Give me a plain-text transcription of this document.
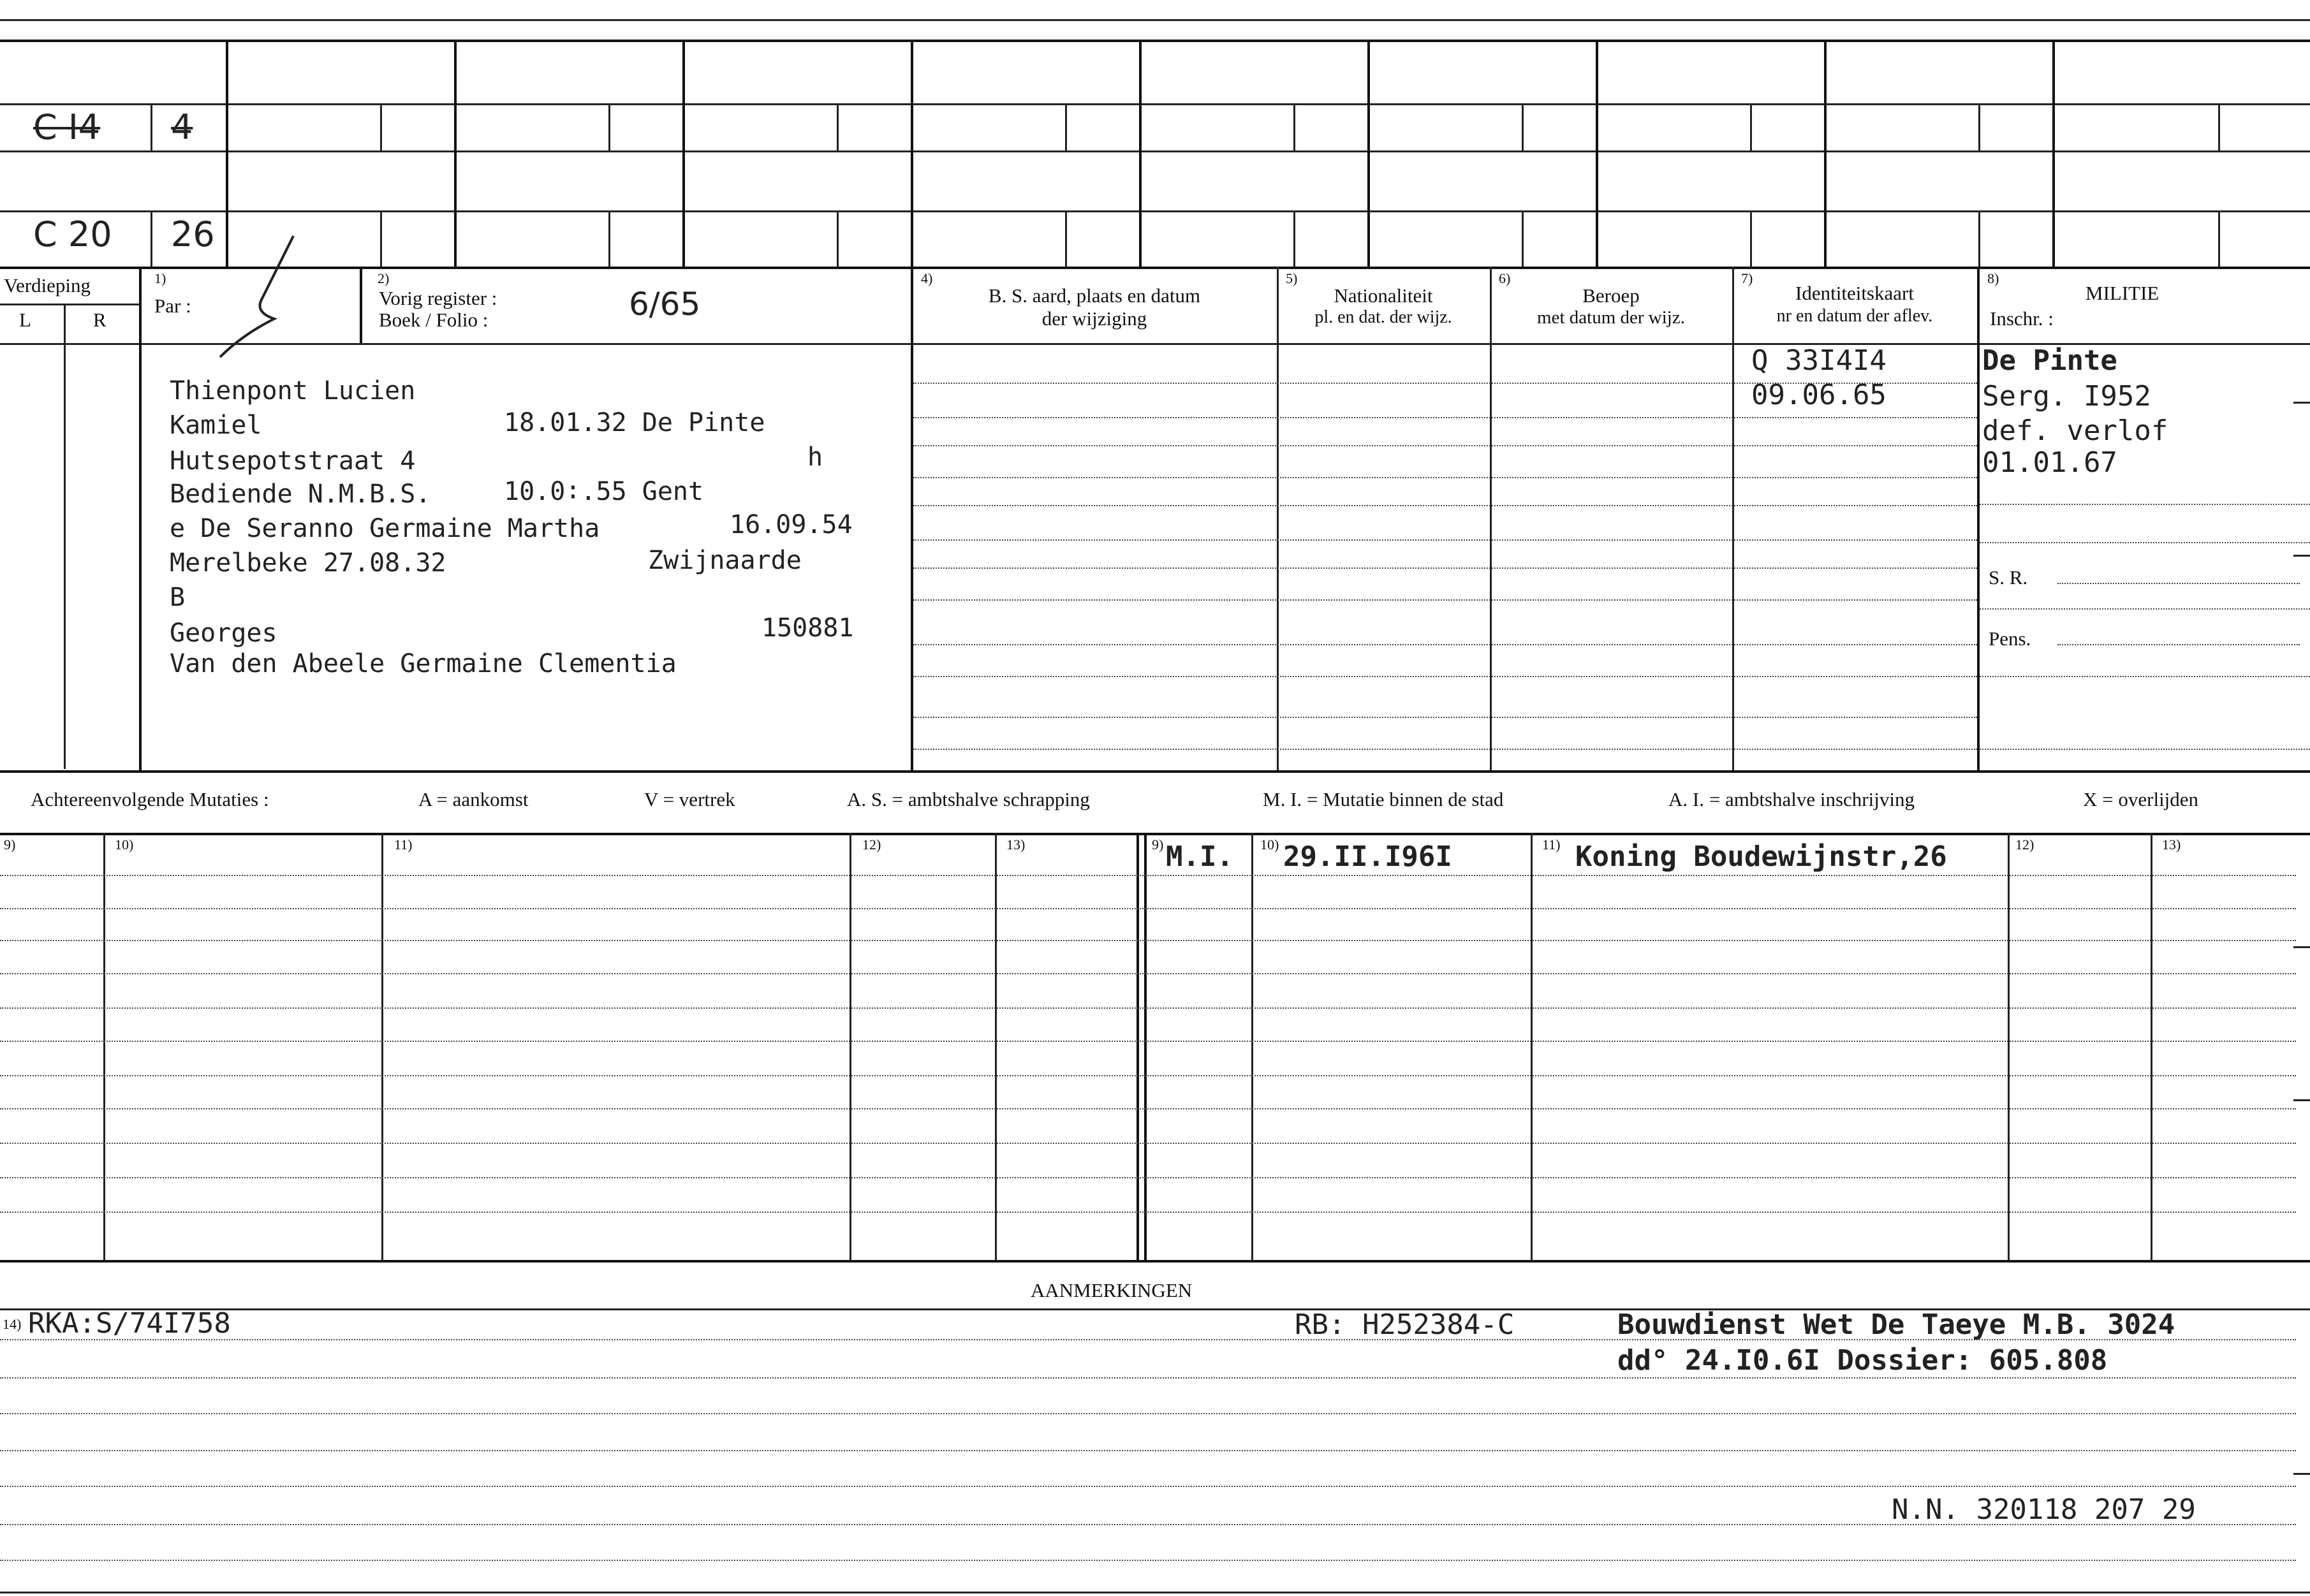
C I4 4
C 20 26
Verdieping
L	R
1)
Par :
2)
Vorig register :
Boek / Folio :	6/65
4)
B. S. aard, plaats en datum
der wijziging
5)
Nationaliteit
pl. en dat. der wijz.
6)
Beroep
met datum der wijz.
7)
Identiteitskaart
nr en datum der aflev.
8)
MILITIE
Inschr. :
Thienpont Lucien
Kamiel	18.01.32 De Pinte
Hutsepotstraat 4	h
Bediende N.M.B.S.	10.0∶.55 Gent
e De Seranno Germaine Martha	16.09.54
Merelbeke 27.08.32	Zwijnaarde
B
Georges	150881
Van den Abeele Germaine Clementia
Q 33I4I4
09.06.65
De Pinte
Serg. I952
def. verlof
01.01.67
S. R.
Pens.
Achtereenvolgende Mutaties :	A = aankomst	V = vertrek	A. S. = ambtshalve schrapping	M. I. = Mutatie binnen de stad	A. I. = ambtshalve inschrijving	X = overlijden
9)	10)	11)	12)	13)	9)	10)	11)	12)	13)
M.I. 29.II.I96I	Koning Boudewijnstr,26
AANMERKINGEN
14) RKA:S/74I758	RB: H252384-C	Bouwdienst Wet De Taeye M.B. 3024
dd° 24.I0.6I Dossier: 605.808
N.N. 320118 207 29
